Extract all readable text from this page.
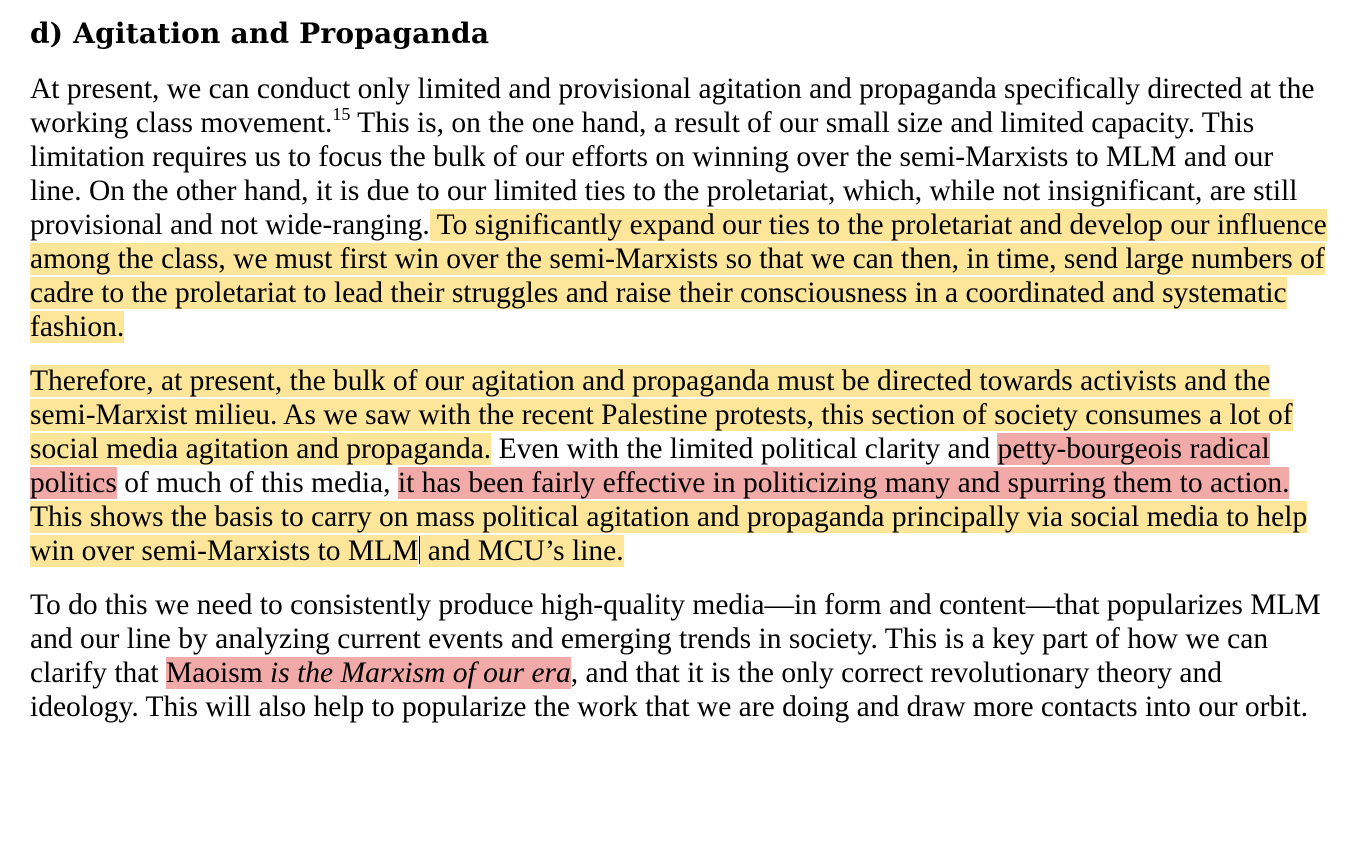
d) Agitation and Propaganda

At present, we can conduct only limited and provisional agitation and propaganda specifically directed at the working class movement.$^{15}$ This is, on the one hand, a result of our small size and limited capacity. This limitation requires us to focus the bulk of our efforts on winning over the semi-Marxists to MLM and our line. On the other hand, it is due to our limited ties to the proletariat, which, while not insignificant, are still provisional and not wide-ranging. To significantly expand our ties to the proletariat and develop our influence among the class, we must first win over the semi-Marxists so that we can then, in time, send large numbers of cadre to the proletariat to lead their struggles and raise their consciousness in a coordinated and systematic fashion.

Therefore, at present, the bulk of our agitation and propaganda must be directed towards activists and the semi-Marxist milieu. As we saw with the recent Palestine protests, this section of society consumes a lot of social media agitation and propaganda. Even with the limited political clarity and petty-bourgeois radical politics of much of this media, it has been fairly effective in politicizing many and spurring them to action. This shows the basis to carry on mass political agitation and propaganda principally via social media to help win over semi-Marxists to MLM and MCU’s line.

To do this we need to consistently produce high-quality media—in form and content—that popularizes MLM and our line by analyzing current events and emerging trends in society. This is a key part of how we can clarify that Maoism is the Marxism of our era, and that it is the only correct revolutionary theory and ideology. This will also help to popularize the work that we are doing and draw more contacts into our orbit.
